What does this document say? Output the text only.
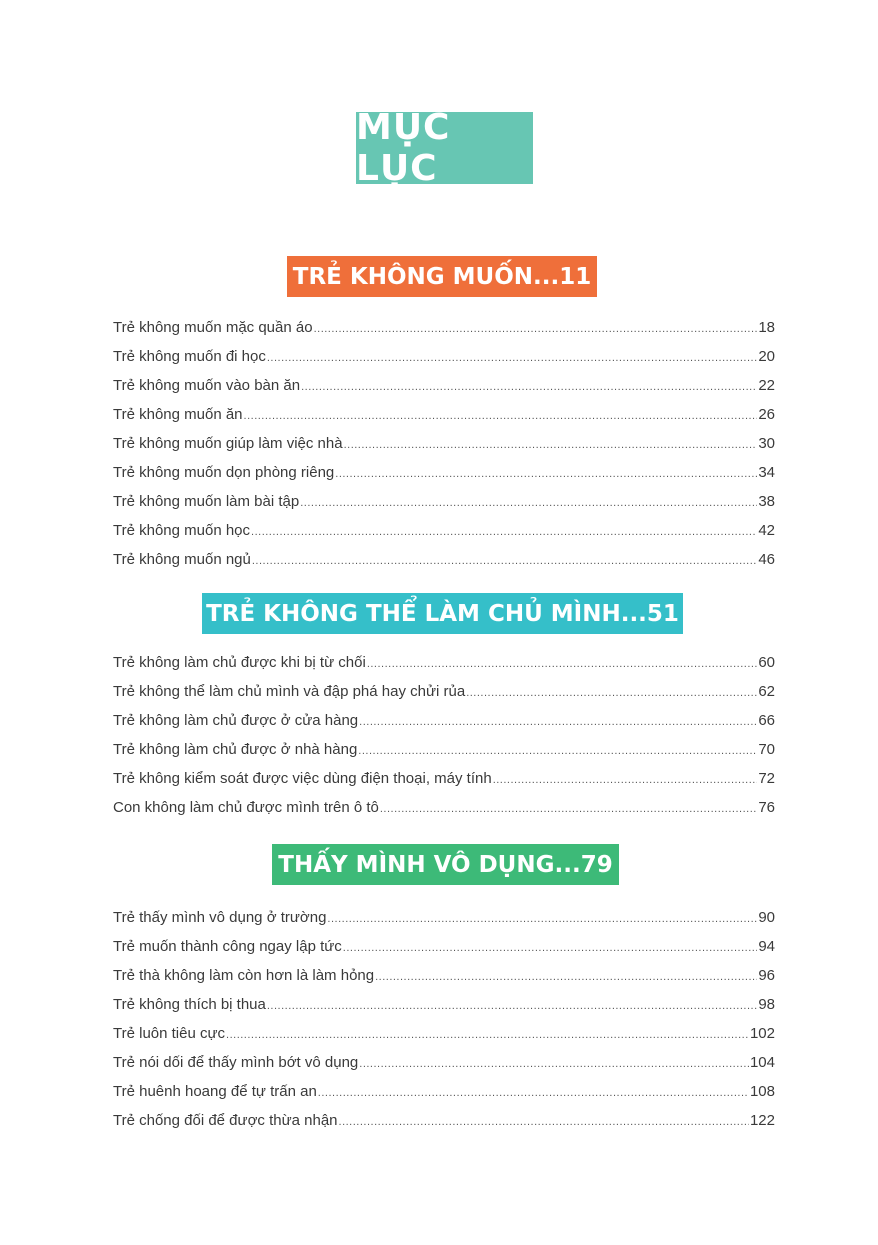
MỤC LỤC
TRẺ KHÔNG MUỐN...11
Trẻ không muốn mặc quần áo .....	18
Trẻ không muốn đi học .....	20
Trẻ không muốn vào bàn ăn .....	22
Trẻ không muốn ăn .....	26
Trẻ không muốn giúp làm việc nhà .....	30
Trẻ không muốn dọn phòng riêng .....	34
Trẻ không muốn làm bài tập .....	38
Trẻ không muốn học .....	42
Trẻ không muốn ngủ .....	46
TRẺ KHÔNG THỂ LÀM CHỦ MÌNH...51
Trẻ không làm chủ được khi bị từ chối .....	60
Trẻ không thể làm chủ mình và đập phá hay chửi rủa .....	62
Trẻ không làm chủ được ở cửa hàng .....	66
Trẻ không làm chủ được ở nhà hàng .....	70
Trẻ không kiểm soát được việc dùng điện thoại, máy tính .....	72
Con không làm chủ được mình trên ô tô .....	76
THẤY MÌNH VÔ DỤNG...79
Trẻ thấy mình vô dụng ở trường .....	90
Trẻ muốn thành công ngay lập tức .....	94
Trẻ thà không làm còn hơn là làm hỏng .....	96
Trẻ không thích bị thua .....	98
Trẻ luôn tiêu cực .....	102
Trẻ nói dối để thấy mình bớt vô dụng .....	104
Trẻ huênh hoang để tự trấn an .....	108
Trẻ chống đối để được thừa nhận .....	122
